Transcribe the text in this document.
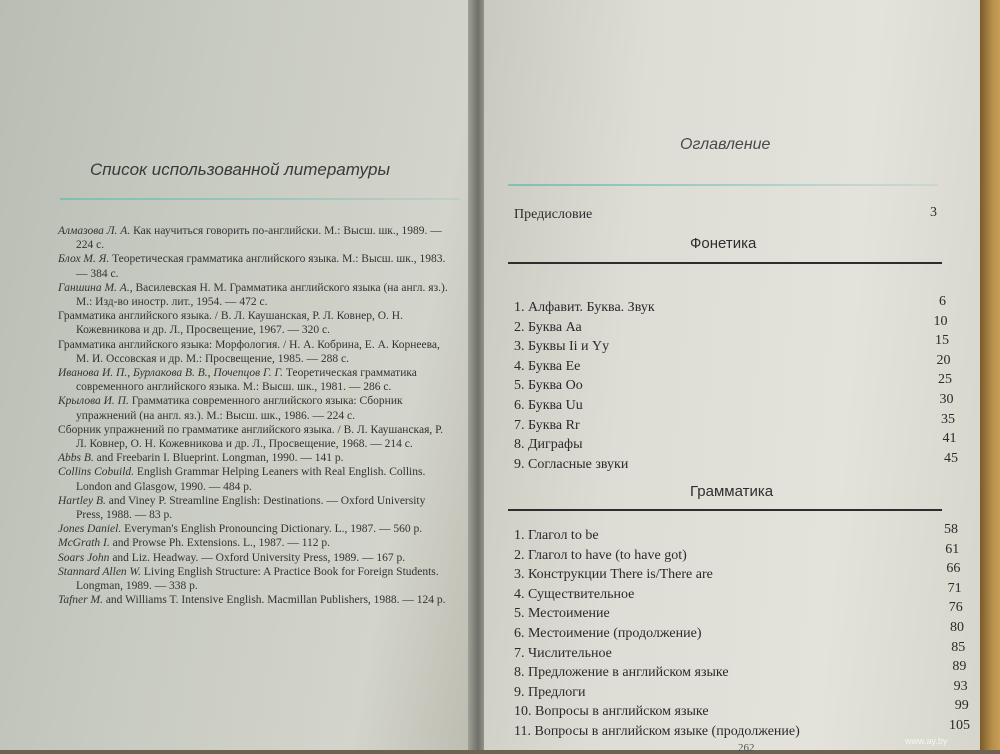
Список использованной литературы
Алмазова Л. А. Как научиться говорить по-английски. М.: Высш. шк., 1989. — 224 с.
Блох М. Я. Теоретическая грамматика английского языка. М.: Высш. шк., 1983. — 384 с.
Ганшина М. А., Василевская Н. М. Грамматика английского языка (на англ. яз.). М.: Изд-во иностр. лит., 1954. — 472 с.
Грамматика английского языка. / В. Л. Каушанская, Р. Л. Ковнер, О. Н. Кожевникова и др. Л., Просвещение, 1967. — 320 с.
Грамматика английского языка: Морфология. / Н. А. Кобрина, Е. А. Корнеева, М. И. Оссовская и др. М.: Просвещение, 1985. — 288 с.
Иванова И. П., Бурлакова В. В., Почепцов Г. Г. Теоретическая грамматика современного английского языка. М.: Высш. шк., 1981. — 286 с.
Крылова И. П. Грамматика современного английского языка: Сборник упражнений (на англ. яз.). М.: Высш. шк., 1986. — 224 с.
Сборник упражнений по грамматике английского языка. / В. Л. Каушанская, Р. Л. Ковнер, О. Н. Кожевникова и др. Л., Просвещение, 1968. — 214 с.
Abbs B. and Freebarin I. Blueprint. Longman, 1990. — 141 p.
Collins Cobuild. English Grammar Helping Leaners with Real English. Collins. London and Glasgow, 1990. — 484 p.
Hartley B. and Viney P. Streamline English: Destinations. — Oxford University Press, 1988. — 83 p.
Jones Daniel. Everyman's English Pronouncing Dictionary. L., 1987. — 560 p.
McGrath I. and Prowse Ph. Extensions. L., 1987. — 112 p.
Soars John and Liz. Headway. — Oxford University Press, 1989. — 167 p.
Stannard Allen W. Living English Structure: A Practice Book for Foreign Students. Longman, 1989. — 338 p.
Tafner M. and Williams T. Intensive English. Macmillan Publishers, 1988. — 124 p.
Оглавление
Предисловие	3
Фонетика
1. Алфавит. Буква. Звук	6
2. Буква Аа	10
3. Буквы Ii и Yy	15
4. Буква Ee	20
5. Буква Oo	25
6. Буква Uu	30
7. Буква Rr	35
8. Диграфы	41
9. Согласные звуки	45
Грамматика
1. Глагол to be	58
2. Глагол to have (to have got)	61
3. Конструкции There is/There are	66
4. Существительное	71
5. Местоимение	76
6. Местоимение (продолжение)	80
7. Числительное	85
8. Предложение в английском языке	89
9. Предлоги	93
10. Вопросы в английском языке	99
11. Вопросы в английском языке (продолжение)	105
262
www.ay.by
